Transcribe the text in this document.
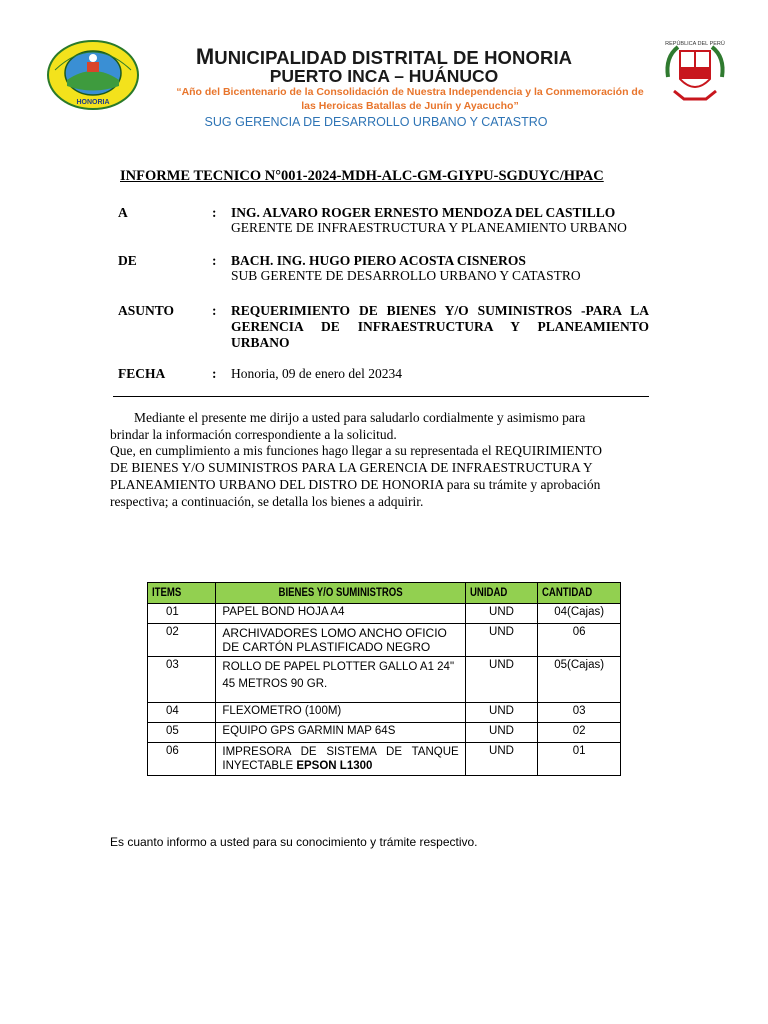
HONORIA
REPÚBLICA DEL PERÚ
MUNICIPALIDAD DISTRITAL DE HONORIA
PUERTO INCA – HUÁNUCO
“Año del Bicentenario de la Consolidación de Nuestra Independencia y la Conmemoración de las Heroicas Batallas de Junín y Ayacucho”
SUG GERENCIA DE DESARROLLO URBANO Y CATASTRO
INFORME TECNICO N°001-2024-MDH-ALC-GM-GIYPU-SGDUYC/HPAC
A	: ING. ALVARO ROGER ERNESTO MENDOZA DEL CASTILLO
GERENTE DE INFRAESTRUCTURA Y PLANEAMIENTO URBANO
DE	: BACH. ING. HUGO PIERO ACOSTA CISNEROS
SUB GERENTE DE DESARROLLO URBANO Y CATASTRO
ASUNTO	: REQUERIMIENTO DE BIENES Y/O SUMINISTROS -PARA LA GERENCIA DE INFRAESTRUCTURA Y PLANEAMIENTO URBANO
FECHA	: Honoria, 09 de enero del 20234
Mediante el presente me dirijo a usted para saludarlo cordialmente y asimismo para
brindar la información correspondiente a la solicitud.
Que, en cumplimiento a mis funciones hago llegar a su representada el REQUIRIMIENTO
DE BIENES Y/O SUMINISTROS PARA LA GERENCIA DE INFRAESTRUCTURA Y
PLANEAMIENTO URBANO DEL DISTRO DE HONORIA para su trámite y aprobación
respectiva; a continuación, se detalla los bienes a adquirir.
ITEMS	BIENES Y/O SUMINISTROS	UNIDAD	CANTIDAD
01	PAPEL BOND HOJA A4	UND	04(Cajas)
02	ARCHIVADORES LOMO ANCHO OFICIO DE CARTÓN PLASTIFICADO NEGRO	UND	06
03	ROLLO DE PAPEL PLOTTER GALLO A1 24"
45 METROS 90 GR.	UND	05(Cajas)
04	FLEXOMETRO (100M)	UND	03
05	EQUIPO GPS GARMIN MAP 64S	UND	02
06	IMPRESORA DE SISTEMA DE TANQUE INYECTABLE EPSON L1300	UND	01
Es cuanto informo a usted para su conocimiento y trámite respectivo.
